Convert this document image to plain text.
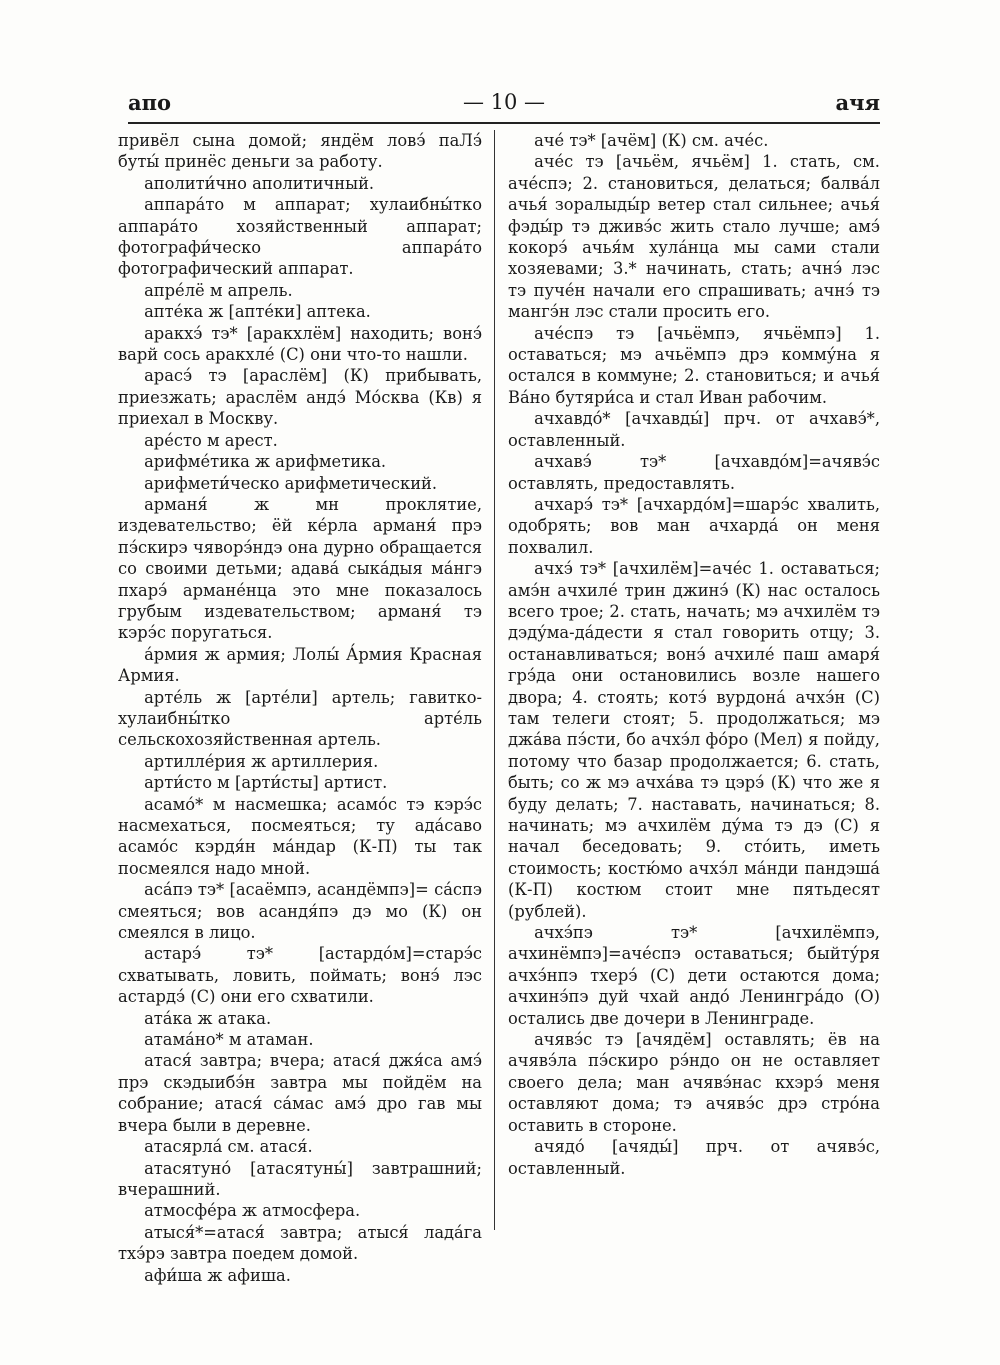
апо	— 10 —	ачя

привёл сына домой; яндём ловэ́ паЛэ́ буты́ принёс деньги за работу.

аполити́чно аполитичный.

аппара́то м аппарат; хулаибны́тко аппара́то хозяйственный аппарат; фотографи́ческо аппара́то фотографический аппарат.

апре́лё м апрель.

апте́ка ж [апте́ки] аптека.

аракхэ́ тэ* [аракхлём] находить; вонэ́ варй сось аракхле́ (С) они что-то нашли.

арасэ́ тэ [араслём] (К) прибывать, приезжать; араслём андэ́ Мо́сква (Кв) я приехал в Москву.

аре́сто м арест.

арифме́тика ж арифметика.

арифмети́ческо арифметический.

арманя́ ж мн проклятие, издевательство; ёй ке́рла арманя́ прэ пэ́скирэ чяворэ́ндэ она дурно обращается со своими детьми; адава́ сыка́дыя ма́нгэ пхарэ́ армане́нца это мне показалось грубым издевательством; арманя́ тэ кэрэ́с поругаться.

а́рмия ж армия; Лолы́ А́рмия Красная Армия.

арте́ль ж [арте́ли] артель; гавитко-хулаибны́тко арте́ль сельскохозяйственная артель.

артилле́рия ж артиллерия.

арти́сто м [арти́сты] артист.

асамо́* м насмешка; асамо́с тэ кэрэ́с насмехаться, посмеяться; ту ада́саво асамо́с кэрдя́н ма́ндар (К-П) ты так посмеялся надо мной.

аса́пэ тэ* [асаёмпэ, асандёмпэ]= са́спэ смеяться; вов асандя́пэ дэ мо (К) он смеялся в лицо.

астарэ́ тэ* [астардо́м]=старэ́с схватывать, ловить, поймать; вонэ́ лэс астардэ́ (С) они его схватили.

ата́ка ж атака.

атама́но* м атаман.

атася́ завтра; вчера; атася́ джя́са амэ́ прэ скэдыибэ́н завтра мы пойдём на собрание; атася́ са́мас амэ́ дро гав мы вчера были в деревне.

атасярла́ см. атася́.

атасятуно́ [атасятуны́] завтрашний; вчерашний.

атмосфе́ра ж атмосфера.

атыся́*=атася́ завтра; атыся́ лада́га тхэ́рэ завтра поедем домой.

афи́ша ж афиша.

аче́ тэ* [ачём] (К) см. аче́с.

аче́с тэ [ачьём, ячьём] 1. стать, см. аче́спэ; 2. становиться, делаться; балва́л ачья́ зоралыды́р ветер стал сильнее; ачья́ фэды́р тэ дживэ́с жить стало лучше; амэ́ кокорэ́ ачья́м хула́нца мы сами стали хозяевами; 3.* начинать, стать; ачнэ́ лэс тэ пуче́н начали его спрашивать; ачнэ́ тэ мангэ́н лэс стали просить его.

аче́спэ тэ [ачьёмпэ, ячьёмпэ] 1. оставаться; мэ ачьёмпэ дрэ комму́на я остался в коммуне; 2. становиться; и ачья́ Ва́но бутяри́са и стал Иван рабочим.

ачхавдо́* [ачхавды́] прч. от ачхавэ́*, оставленный.

ачхавэ́ тэ* [ачхавдо́м]=ачявэ́с оставлять, предоставлять.

ачхарэ́ тэ* [ачхардо́м]=шарэ́с хвалить, одобрять; вов ман ачхарда́ он меня похвалил.

ачхэ́ тэ* [ачхилём]=аче́с 1. оставаться; амэ́н ачхиле́ трин джинэ́ (К) нас осталось всего трое; 2. стать, начать; мэ ачхилём тэ дэду́ма-да́дести я стал говорить отцу; 3. останавливаться; вонэ́ ачхиле́ паш амаря́ грэ́да они остановились возле нашего двора; 4. стоять; котэ́ вурдона́ ачхэ́н (С) там телеги стоят; 5. продолжаться; мэ джа́ва пэ́сти, бо ачхэ́л фо́ро (Мел) я пойду, потому что базар продолжается; 6. стать, быть; со ж мэ ачха́ва тэ цэрэ́ (К) что же я буду делать; 7. наставать, начинаться; 8. начинать; мэ ачхилём ду́ма тэ дэ (С) я начал беседовать; 9. сто́ить, иметь стоимость; костю́мо ачхэ́л ма́нди пандэша́ (К-П) костюм стоит мне пятьдесят (рублей).

ачхэ́пэ тэ* [ачхилёмпэ, ачхинёмпэ]=аче́спэ оставаться; быйту́ря ачхэ́нпэ тхерэ́ (С) дети остаются дома; ачхинэ́пэ дуй чхай андо́ Ленингра́до (О) остались две дочери в Ленинграде.

ачявэ́с тэ [ачядём] оставлять; ёв на ачявэ́ла пэ́скиро рэ́ндо он не оставляет своего дела; ман ачявэ́нас кхэрэ́ меня оставляют дома; тэ ачявэ́с дрэ стро́на оставить в стороне.

ачядо́ [ачяды́] прч. от ачявэ́с, оставленный.
